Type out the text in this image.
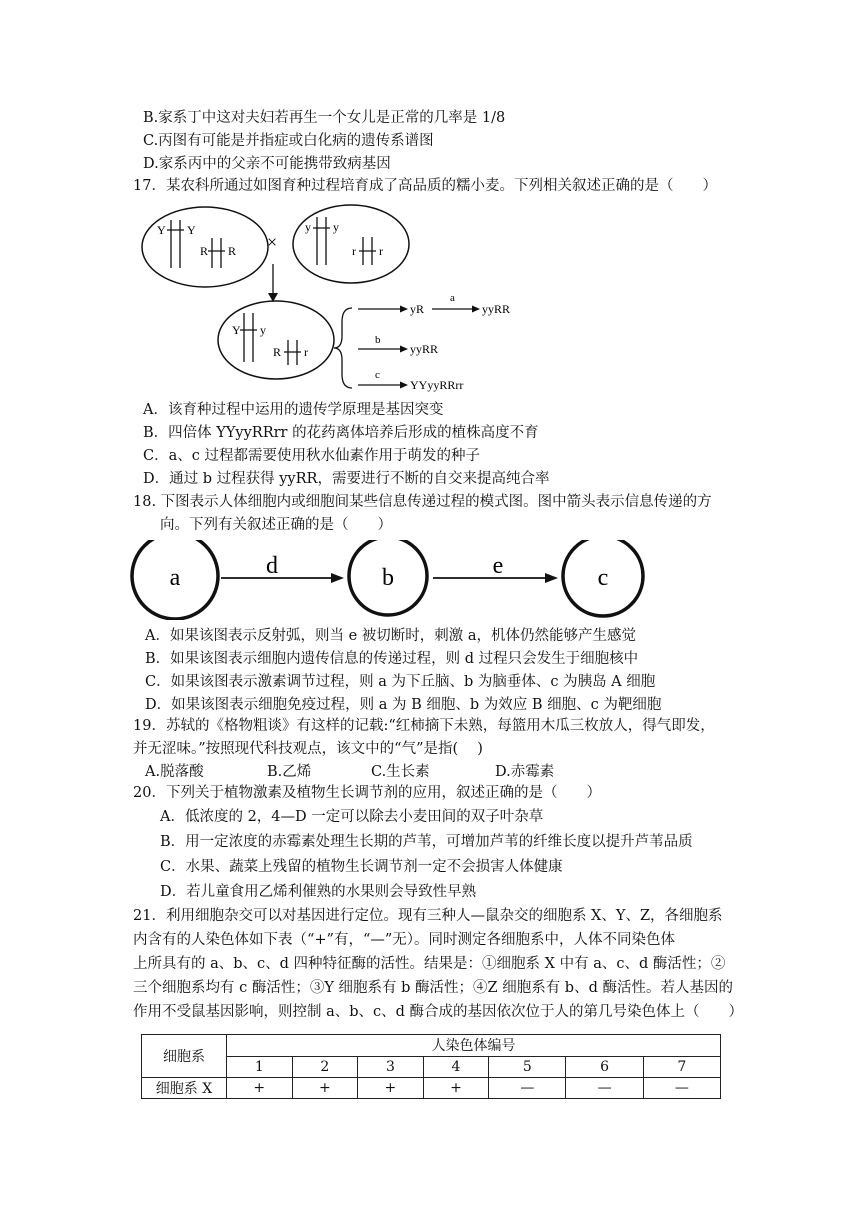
B.家系丁中这对夫妇若再生一个女儿是正常的几率是 1/8
C.丙图有可能是并指症或白化病的遗传系谱图
D.家系丙中的父亲不可能携带致病基因
17．某农科所通过如图育种过程培育成了高品质的糯小麦。下列相关叙述正确的是（　　）
Y Y
R R ×
y y
r r
Y y
R r
yR
a
yyRR
b
yyRR
c
YYyyRRrr
A．该育种过程中运用的遗传学原理是基因突变
B．四倍体 YYyyRRrr 的花药离体培养后形成的植株高度不育
C．a、c 过程都需要使用秋水仙素作用于萌发的种子
D．通过 b 过程获得 yyRR，需要进行不断的自交来提高纯合率
18. 下图表示人体细胞内或细胞间某些信息传递过程的模式图。图中箭头表示信息传递的方
向。下列有关叙述正确的是（　　）
a	b	c
d	e
A．如果该图表示反射弧，则当 e 被切断时，刺激 a，机体仍然能够产生感觉
B．如果该图表示细胞内遗传信息的传递过程，则 d 过程只会发生于细胞核中
C．如果该图表示激素调节过程，则 a 为下丘脑、b 为脑垂体、c 为胰岛 A 细胞
D．如果该图表示细胞免疫过程，则 a 为 B 细胞、b 为效应 B 细胞、c 为靶细胞
19．苏轼的《格物粗谈》有这样的记载:“红柿摘下未熟，每篮用木瓜三枚放人，得气即发，
并无涩味。”按照现代科技观点，该文中的“气”是指(　 )
A.脱落酸	B.乙烯	C.生长素	D.赤霉素
20．下列关于植物激素及植物生长调节剂的应用，叙述正确的是（　　）
A．低浓度的 2，4—D 一定可以除去小麦田间的双子叶杂草
B．用一定浓度的赤霉素处理生长期的芦苇，可增加芦苇的纤维长度以提升芦苇品质
C．水果、蔬菜上残留的植物生长调节剂一定不会损害人体健康
D．若儿童食用乙烯利催熟的水果则会导致性早熟
21．利用细胞杂交可以对基因进行定位。现有三种人—鼠杂交的细胞系 X、Y、Z，各细胞系
内含有的人染色体如下表（“+”有，“—”无）。同时测定各细胞系中，人体不同染色体
上所具有的 a、b、c、d 四种特征酶的活性。结果是：①细胞系 X 中有 a、c、d 酶活性；②
三个细胞系均有 c 酶活性；③Y 细胞系有 b 酶活性；④Z 细胞系有 b、d 酶活性。若人基因的
作用不受鼠基因影响，则控制 a、b、c、d 酶合成的基因依次位于人的第几号染色体上（　　）
细胞系	人染色体编号						
	1	2	3	4	5	6	7
细胞系 X	+	+	+	+	—	—	—
